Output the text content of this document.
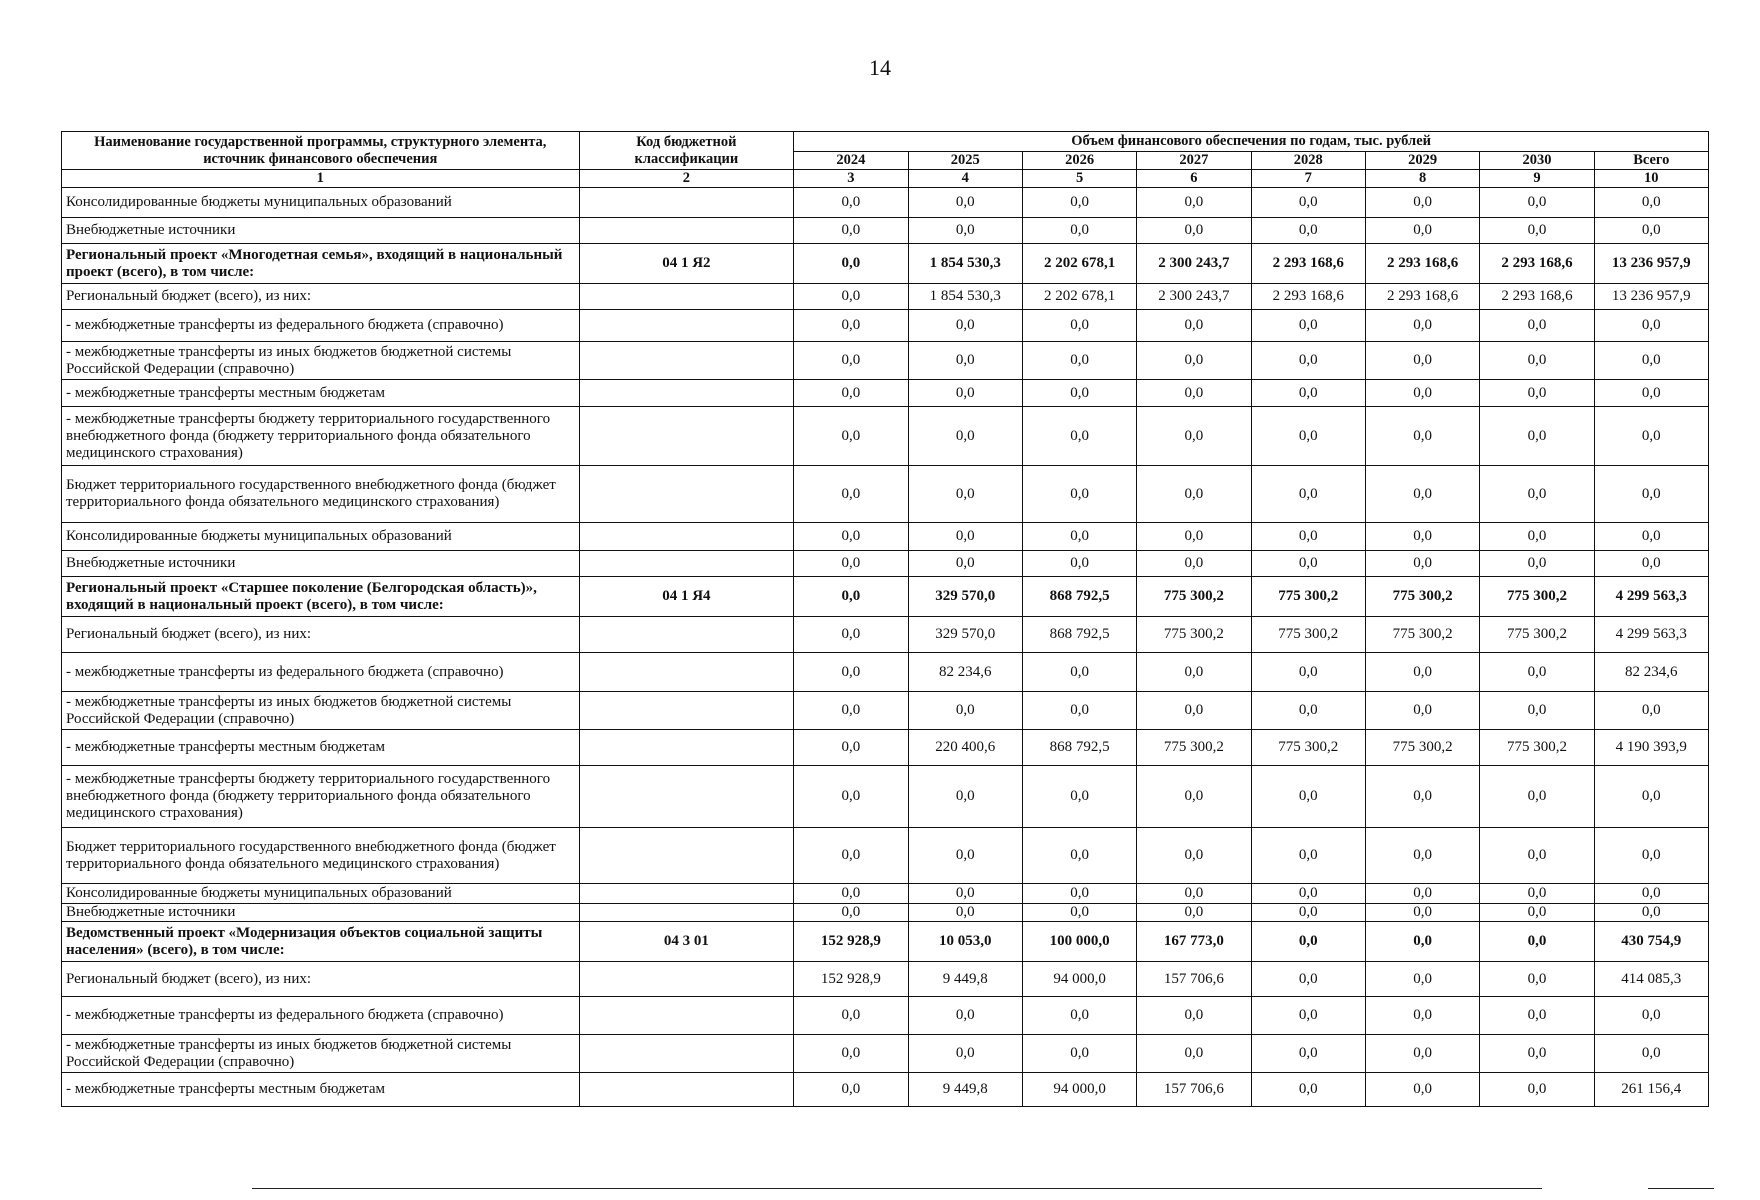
14
Наименование государственной программы, структурного элемента, источник финансового обеспечения	Код бюджетной классификации	Объем финансового обеспечения по годам, тыс. рублей							
		2024	2025	2026	2027	2028	2029	2030	Всего
1	2	3	4	5	6	7	8	9	10
Консолидированные бюджеты муниципальных образований		0,0	0,0	0,0	0,0	0,0	0,0	0,0	0,0
Внебюджетные источники		0,0	0,0	0,0	0,0	0,0	0,0	0,0	0,0
Региональный проект «Многодетная семья», входящий в национальный проект (всего), в том числе:	04 1 Я2	0,0	1 854 530,3	2 202 678,1	2 300 243,7	2 293 168,6	2 293 168,6	2 293 168,6	13 236 957,9
Региональный бюджет (всего), из них:		0,0	1 854 530,3	2 202 678,1	2 300 243,7	2 293 168,6	2 293 168,6	2 293 168,6	13 236 957,9
- межбюджетные трансферты из федерального бюджета (справочно)		0,0	0,0	0,0	0,0	0,0	0,0	0,0	0,0
- межбюджетные трансферты из иных бюджетов бюджетной системы Российской Федерации (справочно)		0,0	0,0	0,0	0,0	0,0	0,0	0,0	0,0
- межбюджетные трансферты местным бюджетам		0,0	0,0	0,0	0,0	0,0	0,0	0,0	0,0
- межбюджетные трансферты бюджету территориального государственного внебюджетного фонда (бюджету территориального фонда обязательного медицинского страхования)		0,0	0,0	0,0	0,0	0,0	0,0	0,0	0,0
Бюджет территориального государственного внебюджетного фонда (бюджет территориального фонда обязательного медицинского страхования)		0,0	0,0	0,0	0,0	0,0	0,0	0,0	0,0
Консолидированные бюджеты муниципальных образований		0,0	0,0	0,0	0,0	0,0	0,0	0,0	0,0
Внебюджетные источники		0,0	0,0	0,0	0,0	0,0	0,0	0,0	0,0
Региональный проект «Старшее поколение (Белгородская область)», входящий в национальный проект (всего), в том числе:	04 1 Я4	0,0	329 570,0	868 792,5	775 300,2	775 300,2	775 300,2	775 300,2	4 299 563,3
Региональный бюджет (всего), из них:		0,0	329 570,0	868 792,5	775 300,2	775 300,2	775 300,2	775 300,2	4 299 563,3
- межбюджетные трансферты из федерального бюджета (справочно)		0,0	82 234,6	0,0	0,0	0,0	0,0	0,0	82 234,6
- межбюджетные трансферты из иных бюджетов бюджетной системы Российской Федерации (справочно)		0,0	0,0	0,0	0,0	0,0	0,0	0,0	0,0
- межбюджетные трансферты местным бюджетам		0,0	220 400,6	868 792,5	775 300,2	775 300,2	775 300,2	775 300,2	4 190 393,9
- межбюджетные трансферты бюджету территориального государственного внебюджетного фонда (бюджету территориального фонда обязательного медицинского страхования)		0,0	0,0	0,0	0,0	0,0	0,0	0,0	0,0
Бюджет территориального государственного внебюджетного фонда (бюджет территориального фонда обязательного медицинского страхования)		0,0	0,0	0,0	0,0	0,0	0,0	0,0	0,0
Консолидированные бюджеты муниципальных образований		0,0	0,0	0,0	0,0	0,0	0,0	0,0	0,0
Внебюджетные источники		0,0	0,0	0,0	0,0	0,0	0,0	0,0	0,0
Ведомственный проект «Модернизация объектов социальной защиты населения» (всего), в том числе:	04 3 01	152 928,9	10 053,0	100 000,0	167 773,0	0,0	0,0	0,0	430 754,9
Региональный бюджет (всего), из них:		152 928,9	9 449,8	94 000,0	157 706,6	0,0	0,0	0,0	414 085,3
- межбюджетные трансферты из федерального бюджета (справочно)		0,0	0,0	0,0	0,0	0,0	0,0	0,0	0,0
- межбюджетные трансферты из иных бюджетов бюджетной системы Российской Федерации (справочно)		0,0	0,0	0,0	0,0	0,0	0,0	0,0	0,0
- межбюджетные трансферты местным бюджетам		0,0	9 449,8	94 000,0	157 706,6	0,0	0,0	0,0	261 156,4
